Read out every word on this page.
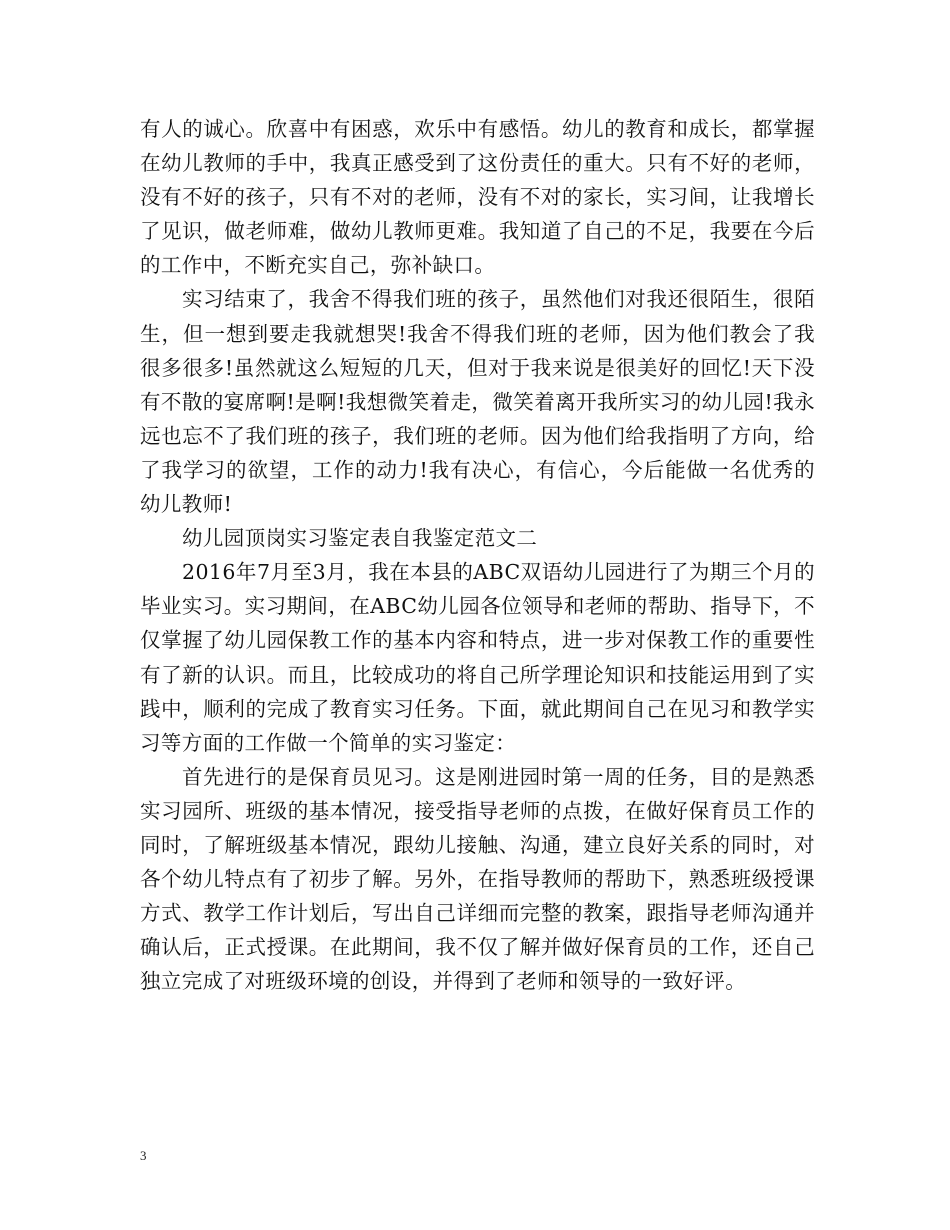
有人的诚心。欣喜中有困惑，欢乐中有感悟。幼儿的教育和成长，都掌握在幼儿教师的手中，我真正感受到了这份责任的重大。只有不好的老师，没有不好的孩子，只有不对的老师，没有不对的家长，实习间，让我增长了见识，做老师难，做幼儿教师更难。我知道了自己的不足，我要在今后的工作中，不断充实自己，弥补缺口。

实习结束了，我舍不得我们班的孩子，虽然他们对我还很陌生，很陌生，但一想到要走我就想哭!我舍不得我们班的老师，因为他们教会了我很多很多!虽然就这么短短的几天，但对于我来说是很美好的回忆!天下没有不散的宴席啊!是啊!我想微笑着走，微笑着离开我所实习的幼儿园!我永远也忘不了我们班的孩子，我们班的老师。因为他们给我指明了方向，给了我学习的欲望，工作的动力!我有决心，有信心，今后能做一名优秀的幼儿教师!

幼儿园顶岗实习鉴定表自我鉴定范文二

2016年7月至3月，我在本县的ABC双语幼儿园进行了为期三个月的毕业实习。实习期间，在ABC幼儿园各位领导和老师的帮助、指导下，不仅掌握了幼儿园保教工作的基本内容和特点，进一步对保教工作的重要性有了新的认识。而且，比较成功的将自己所学理论知识和技能运用到了实践中，顺利的完成了教育实习任务。下面，就此期间自己在见习和教学实习等方面的工作做一个简单的实习鉴定：

首先进行的是保育员见习。这是刚进园时第一周的任务，目的是熟悉实习园所、班级的基本情况，接受指导老师的点拨，在做好保育员工作的同时，了解班级基本情况，跟幼儿接触、沟通，建立良好关系的同时，对各个幼儿特点有了初步了解。另外，在指导教师的帮助下，熟悉班级授课方式、教学工作计划后，写出自己详细而完整的教案，跟指导老师沟通并确认后，正式授课。在此期间，我不仅了解并做好保育员的工作，还自己独立完成了对班级环境的创设，并得到了老师和领导的一致好评。

3
